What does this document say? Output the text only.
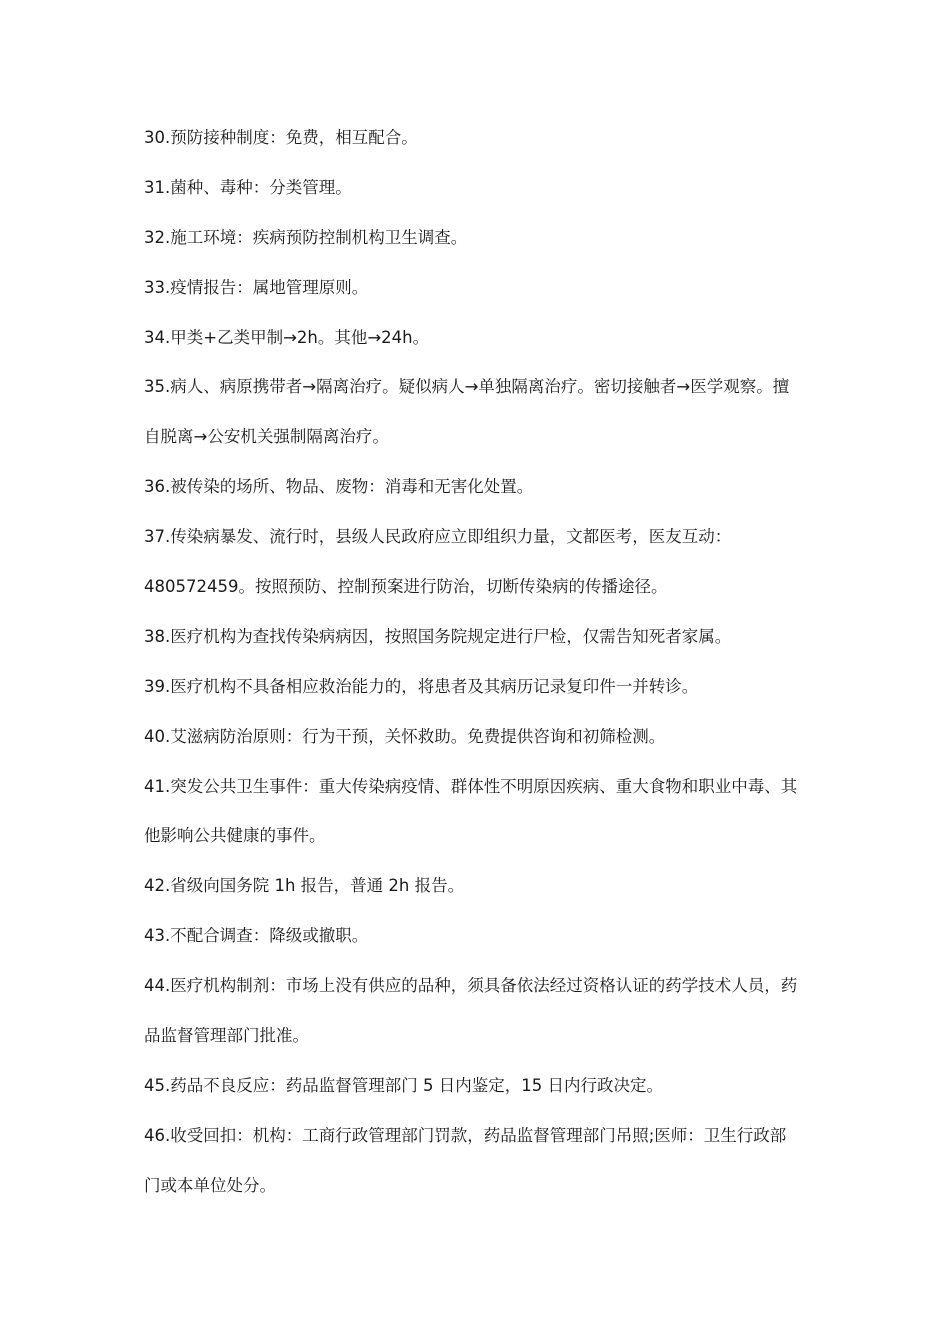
30.预防接种制度：免费，相互配合。
31.菌种、毒种：分类管理。
32.施工环境：疾病预防控制机构卫生调查。
33.疫情报告：属地管理原则。
34.甲类+乙类甲制→2h。其他→24h。
35.病人、病原携带者→隔离治疗。疑似病人→单独隔离治疗。密切接触者→医学观察。擅
自脱离→公安机关强制隔离治疗。
36.被传染的场所、物品、废物：消毒和无害化处置。
37.传染病暴发、流行时，县级人民政府应立即组织力量，文都医考，医友互动：
480572459。按照预防、控制预案进行防治，切断传染病的传播途径。
38.医疗机构为查找传染病病因，按照国务院规定进行尸检，仅需告知死者家属。
39.医疗机构不具备相应救治能力的，将患者及其病历记录复印件一并转诊。
40.艾滋病防治原则：行为干预，关怀救助。免费提供咨询和初筛检测。
41.突发公共卫生事件：重大传染病疫情、群体性不明原因疾病、重大食物和职业中毒、其
他影响公共健康的事件。
42.省级向国务院 1h 报告，普通 2h 报告。
43.不配合调查：降级或撤职。
44.医疗机构制剂：市场上没有供应的品种，须具备依法经过资格认证的药学技术人员，药
品监督管理部门批准。
45.药品不良反应：药品监督管理部门 5 日内鉴定，15 日内行政决定。
46.收受回扣：机构：工商行政管理部门罚款，药品监督管理部门吊照;医师：卫生行政部
门或本单位处分。
